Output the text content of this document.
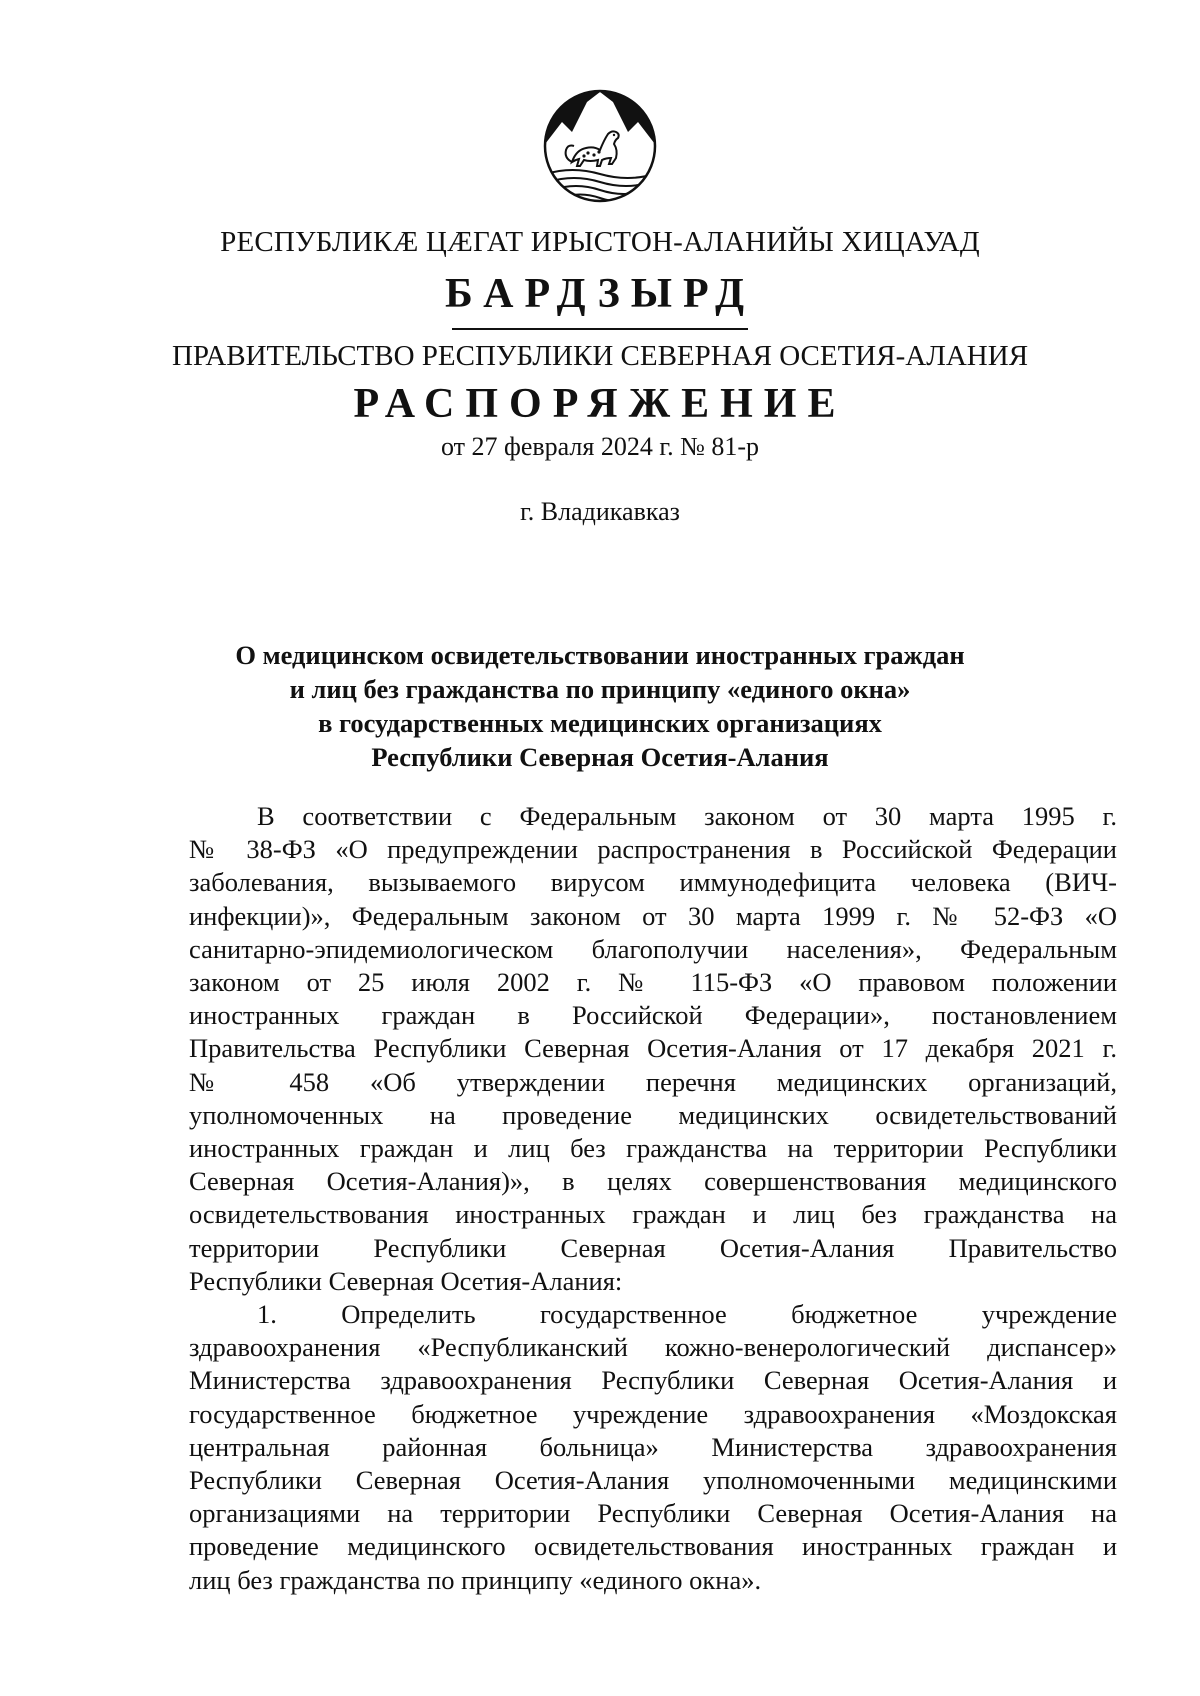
РЕСПУБЛИКÆ ЦÆГАТ ИРЫСТОН-АЛАНИЙЫ ХИЦАУАД
БАРДЗЫРД
ПРАВИТЕЛЬСТВО РЕСПУБЛИКИ СЕВЕРНАЯ ОСЕТИЯ-АЛАНИЯ
РАСПОРЯЖЕНИЕ
от 27 февраля 2024 г. № 81-р
г. Владикавказ
О медицинском освидетельствовании иностранных граждан
и лиц без гражданства по принципу «единого окна»
в государственных медицинских организациях
Республики Северная Осетия-Алания
В соответствии с Федеральным законом от 30 марта 1995 г.
№ 38-ФЗ «О предупреждении распространения в Российской Федерации
заболевания, вызываемого вирусом иммунодефицита человека (ВИЧ-
инфекции)», Федеральным законом от 30 марта 1999 г. № 52-ФЗ «О
санитарно-эпидемиологическом благополучии населения», Федеральным
законом от 25 июля 2002 г. № 115-ФЗ «О правовом положении
иностранных граждан в Российской Федерации», постановлением
Правительства Республики Северная Осетия-Алания от 17 декабря 2021 г.
№ 458 «Об утверждении перечня медицинских организаций,
уполномоченных на проведение медицинских освидетельствований
иностранных граждан и лиц без гражданства на территории Республики
Северная Осетия-Алания)», в целях совершенствования медицинского
освидетельствования иностранных граждан и лиц без гражданства на
территории Республики Северная Осетия-Алания Правительство
Республики Северная Осетия-Алания:
1. Определить государственное бюджетное учреждение
здравоохранения «Республиканский кожно-венерологический диспансер»
Министерства здравоохранения Республики Северная Осетия-Алания и
государственное бюджетное учреждение здравоохранения «Моздокская
центральная районная больница» Министерства здравоохранения
Республики Северная Осетия-Алания уполномоченными медицинскими
организациями на территории Республики Северная Осетия-Алания на
проведение медицинского освидетельствования иностранных граждан и
лиц без гражданства по принципу «единого окна».
